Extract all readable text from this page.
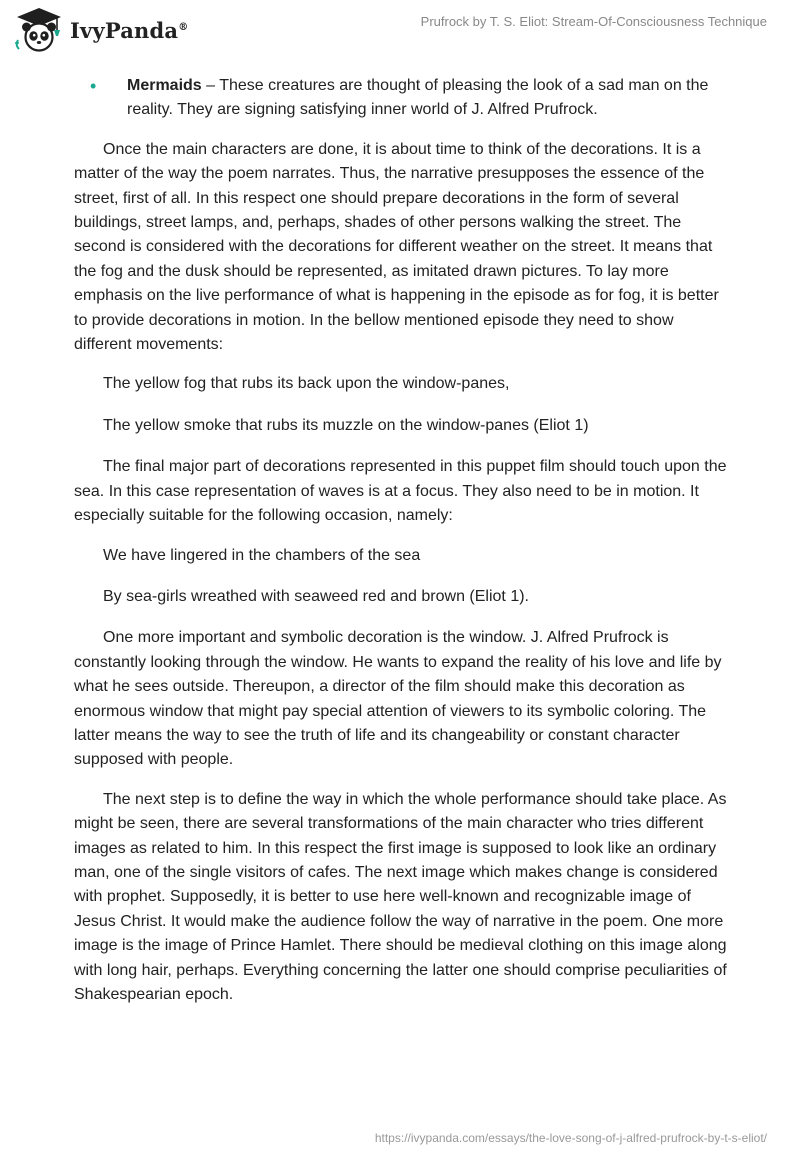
IvyPanda®	Prufrock by T. S. Eliot: Stream-Of-Consciousness Technique
•	Mermaids – These creatures are thought of pleasing the look of a sad man on the reality. They are signing satisfying inner world of J. Alfred Prufrock.

Once the main characters are done, it is about time to think of the decorations. It is a matter of the way the poem narrates. Thus, the narrative presupposes the essence of the street, first of all. In this respect one should prepare decorations in the form of several buildings, street lamps, and, perhaps, shades of other persons walking the street. The second is considered with the decorations for different weather on the street. It means that the fog and the dusk should be represented, as imitated drawn pictures. To lay more emphasis on the live performance of what is happening in the episode as for fog, it is better to provide decorations in motion. In the bellow mentioned episode they need to show different movements:

The yellow fog that rubs its back upon the window-panes,

The yellow smoke that rubs its muzzle on the window-panes (Eliot 1)

The final major part of decorations represented in this puppet film should touch upon the sea. In this case representation of waves is at a focus. They also need to be in motion. It especially suitable for the following occasion, namely:

We have lingered in the chambers of the sea

By sea-girls wreathed with seaweed red and brown (Eliot 1).

One more important and symbolic decoration is the window. J. Alfred Prufrock is constantly looking through the window. He wants to expand the reality of his love and life by what he sees outside. Thereupon, a director of the film should make this decoration as enormous window that might pay special attention of viewers to its symbolic coloring. The latter means the way to see the truth of life and its changeability or constant character supposed with people.

The next step is to define the way in which the whole performance should take place. As might be seen, there are several transformations of the main character who tries different images as related to him. In this respect the first image is supposed to look like an ordinary man, one of the single visitors of cafes. The next image which makes change is considered with prophet. Supposedly, it is better to use here well-known and recognizable image of Jesus Christ. It would make the audience follow the way of narrative in the poem. One more image is the image of Prince Hamlet. There should be medieval clothing on this image along with long hair, perhaps. Everything concerning the latter one should comprise peculiarities of Shakespearian epoch.

https://ivypanda.com/essays/the-love-song-of-j-alfred-prufrock-by-t-s-eliot/
